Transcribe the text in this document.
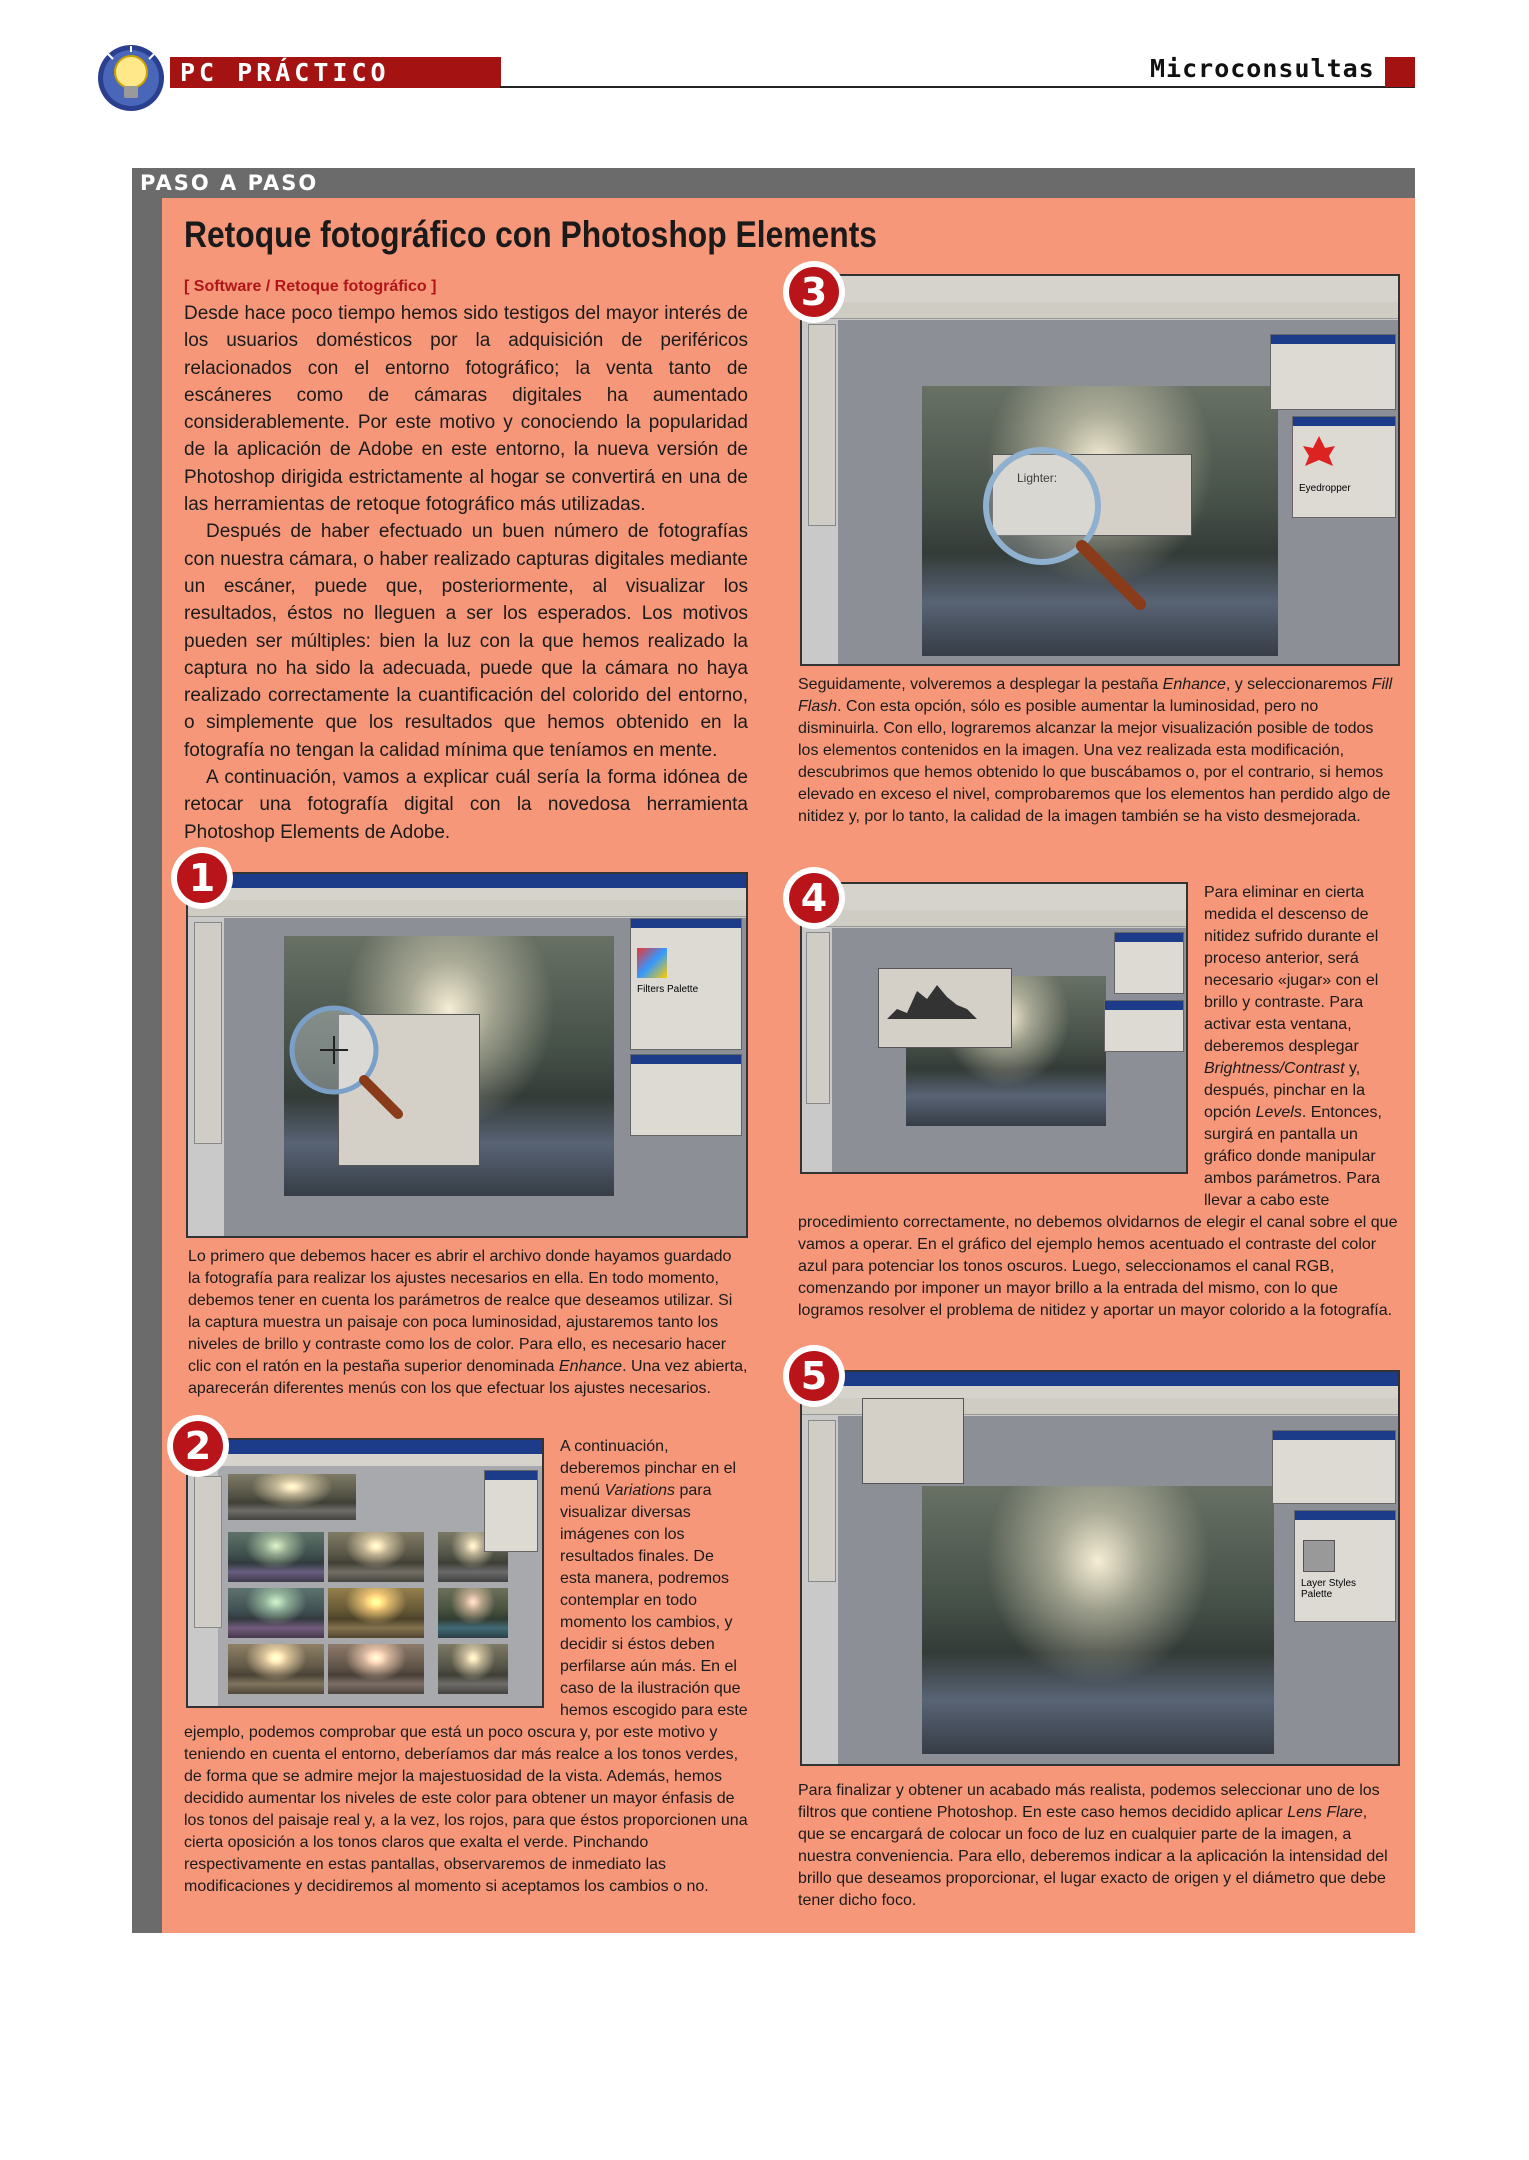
PC PRÁCTICO	Microconsultas
PASO A PASO
Retoque fotográfico con Photoshop Elements
[ Software / Retoque fotográfico ]

Desde hace poco tiempo hemos sido testigos del mayor interés de los usuarios domésticos por la adquisición de periféricos relacionados con el entorno fotográfico; la venta tanto de escáneres como de cámaras digitales ha aumentado considerablemente. Por este motivo y conociendo la popularidad de la aplicación de Adobe en este entorno, la nueva versión de Photoshop dirigida estrictamente al hogar se convertirá en una de las herramientas de retoque fotográfico más utilizadas.

Después de haber efectuado un buen número de fotografías con nuestra cámara, o haber realizado capturas digitales mediante un escáner, puede que, posteriormente, al visualizar los resultados, éstos no lleguen a ser los esperados. Los motivos pueden ser múltiples: bien la luz con la que hemos realizado la captura no ha sido la adecuada, puede que la cámara no haya realizado correctamente la cuantificación del colorido del entorno, o simplemente que los resultados que hemos obtenido en la fotografía no tengan la calidad mínima que teníamos en mente.

A continuación, vamos a explicar cuál sería la forma idónea de retocar una fotografía digital con la novedosa herramienta Photoshop Elements de Adobe.

Filters Palette
1

Lo primero que debemos hacer es abrir el archivo donde hayamos guardado la fotografía para realizar los ajustes necesarios en ella. En todo momento, debemos tener en cuenta los parámetros de realce que deseamos utilizar. Si la captura muestra un paisaje con poca luminosidad, ajustaremos tanto los niveles de brillo y contraste como los de color. Para ello, es necesario hacer clic con el ratón en la pestaña superior denominada Enhance. Una vez abierta, aparecerán diferentes menús con los que efectuar los ajustes necesarios.

2	A continuación, deberemos pinchar en el menú Variations para visualizar diversas imágenes con los resultados finales. De esta manera, podremos contemplar en todo momento los cambios, y decidir si éstos deben perfilarse aún más. En el caso de la ilustración que hemos escogido para este ejemplo, podemos comprobar que está un poco oscura y, por este motivo y teniendo en cuenta el entorno, deberíamos dar más realce a los tonos verdes, de forma que se admire mejor la majestuosidad de la vista. Además, hemos decidido aumentar los niveles de este color para obtener un mayor énfasis de los tonos del paisaje real y, a la vez, los rojos, para que éstos proporcionen una cierta oposición a los tonos claros que exalta el verde. Pinchando respectivamente en estas pantallas, observaremos de inmediato las modificaciones y decidiremos al momento si aceptamos los cambios o no.
Eyedropper
3

Seguidamente, volveremos a desplegar la pestaña Enhance, y seleccionaremos Fill Flash. Con esta opción, sólo es posible aumentar la luminosidad, pero no disminuirla. Con ello, lograremos alcanzar la mejor visualización posible de todos los elementos contenidos en la imagen. Una vez realizada esta modificación, descubrimos que hemos obtenido lo que buscábamos o, por el contrario, si hemos elevado en exceso el nivel, comprobaremos que los elementos han perdido algo de nitidez y, por lo tanto, la calidad de la imagen también se ha visto desmejorada.

4	Para eliminar en cierta medida el descenso de nitidez sufrido durante el proceso anterior, será necesario «jugar» con el brillo y contraste. Para activar esta ventana, deberemos desplegar Brightness/Contrast y, después, pinchar en la opción Levels. Entonces, surgirá en pantalla un gráfico donde manipular ambos parámetros. Para llevar a cabo este procedimiento correctamente, no debemos olvidarnos de elegir el canal sobre el que vamos a operar. En el gráfico del ejemplo hemos acentuado el contraste del color azul para potenciar los tonos oscuros. Luego, seleccionamos el canal RGB, comenzando por imponer un mayor brillo a la entrada del mismo, con lo que logramos resolver el problema de nitidez y aportar un mayor colorido a la fotografía.
Layer Styles Palette
5

Para finalizar y obtener un acabado más realista, podemos seleccionar uno de los filtros que contiene Photoshop. En este caso hemos decidido aplicar Lens Flare, que se encargará de colocar un foco de luz en cualquier parte de la imagen, a nuestra conveniencia. Para ello, deberemos indicar a la aplicación la intensidad del brillo que deseamos proporcionar, el lugar exacto de origen y el diámetro que debe tener dicho foco.
